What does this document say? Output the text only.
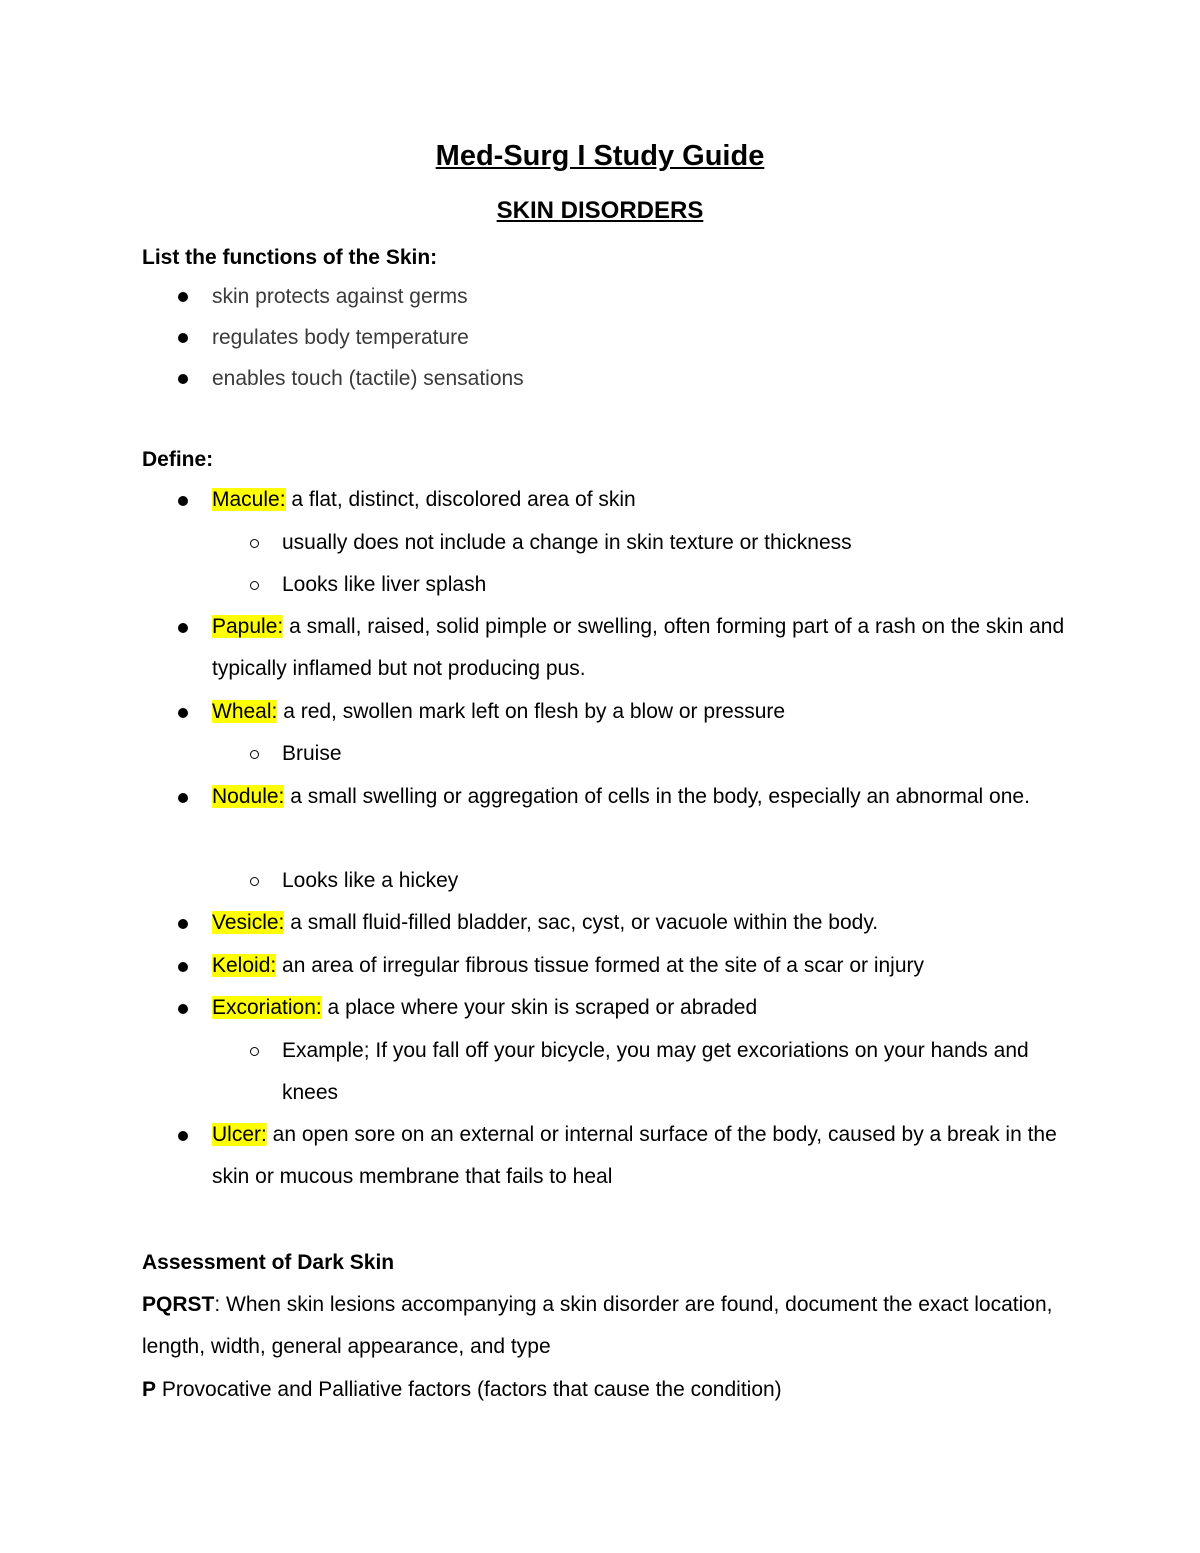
Med-Surg I Study Guide
SKIN DISORDERS
List the functions of the Skin:
skin protects against germs
regulates body temperature
enables touch (tactile) sensations
Define:
Macule: a flat, distinct, discolored area of skin
usually does not include a change in skin texture or thickness
Looks like liver splash
Papule: a small, raised, solid pimple or swelling, often forming part of a rash on the skin and typically inflamed but not producing pus.
Wheal: a red, swollen mark left on flesh by a blow or pressure
Bruise
Nodule: a small swelling or aggregation of cells in the body, especially an abnormal one.
Looks like a hickey
Vesicle: a small fluid-filled bladder, sac, cyst, or vacuole within the body.
Keloid: an area of irregular fibrous tissue formed at the site of a scar or injury
Excoriation: a place where your skin is scraped or abraded
Example; If you fall off your bicycle, you may get excoriations on your hands and knees
Ulcer: an open sore on an external or internal surface of the body, caused by a break in the skin or mucous membrane that fails to heal
Assessment of Dark Skin
PQRST: When skin lesions accompanying a skin disorder are found, document the exact location, length, width, general appearance, and type
P Provocative and Palliative factors (factors that cause the condition)
